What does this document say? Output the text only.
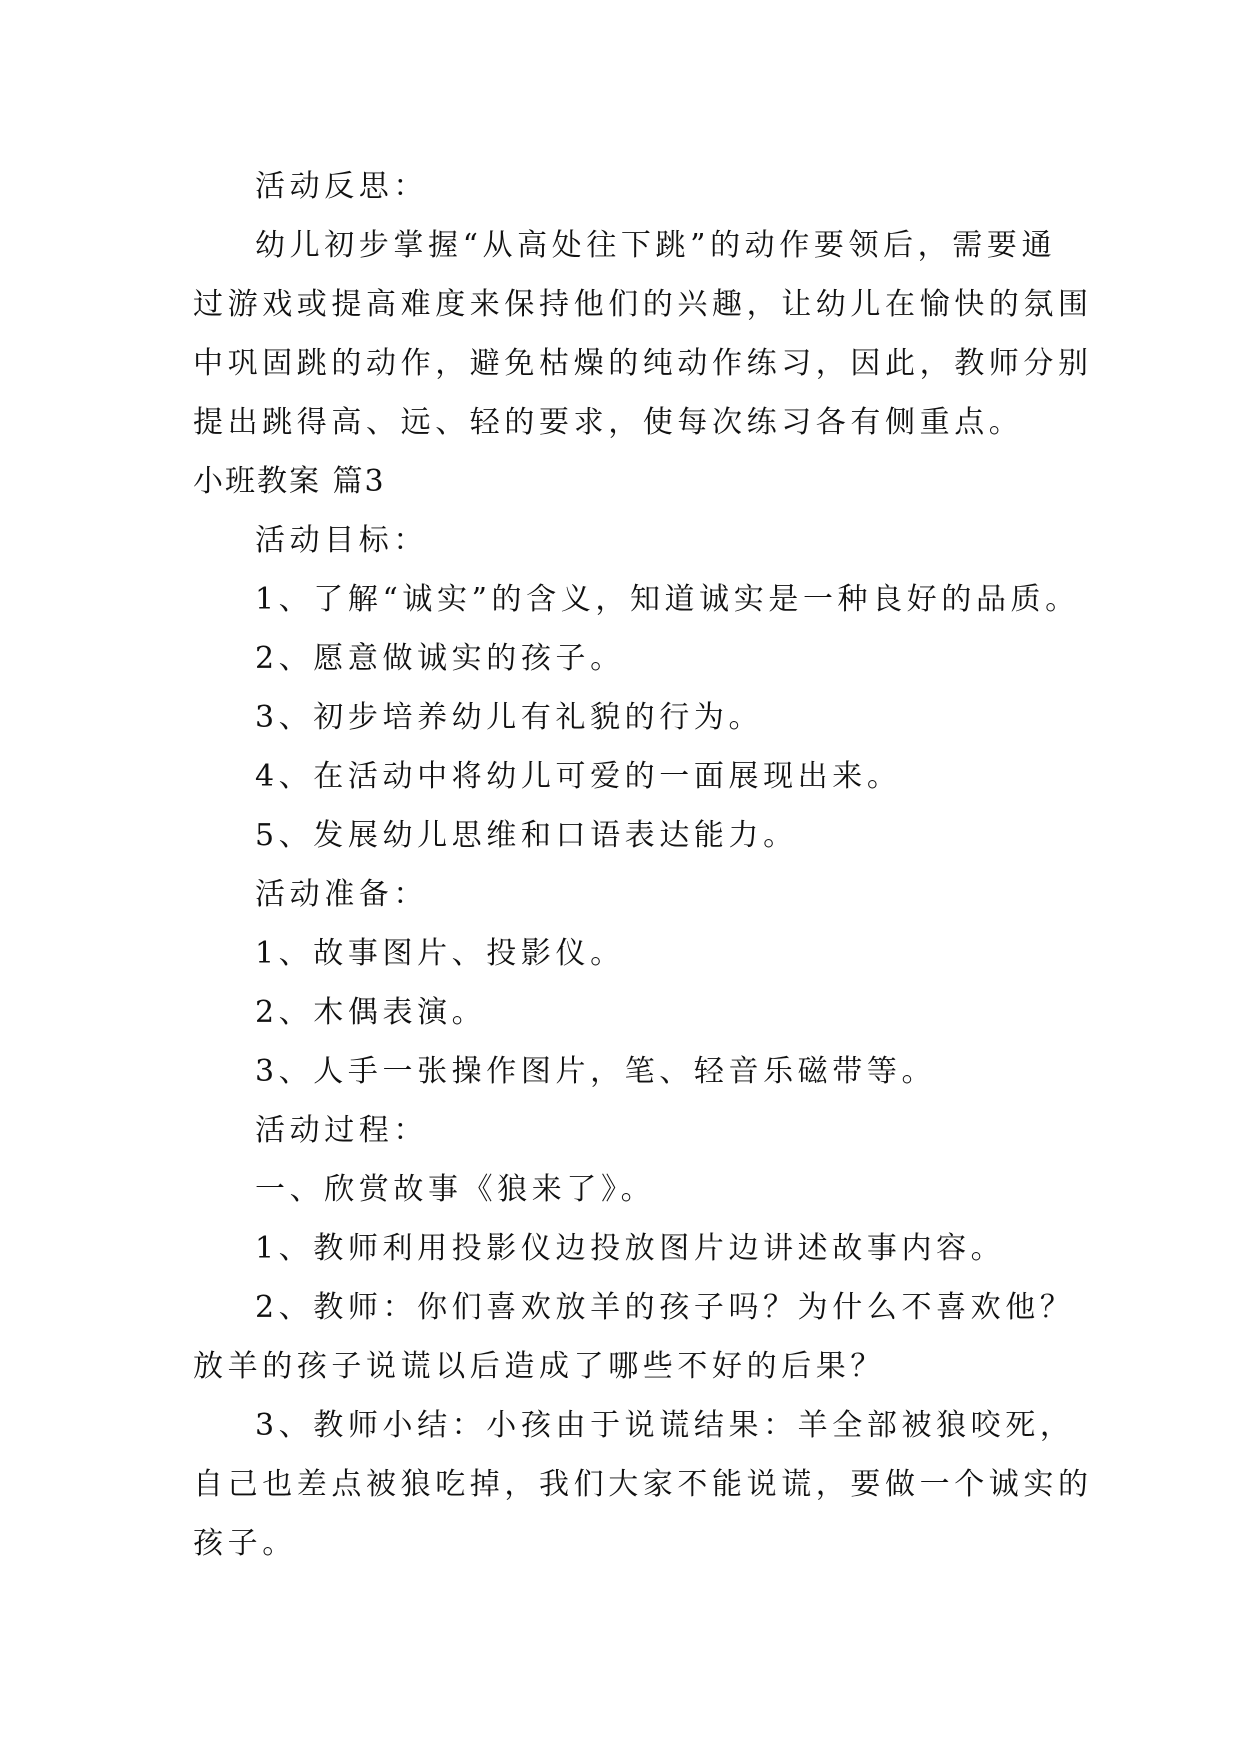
活动反思：
幼儿初步掌握“从高处往下跳”的动作要领后，需要通
过游戏或提高难度来保持他们的兴趣，让幼儿在愉快的氛围
中巩固跳的动作，避免枯燥的纯动作练习，因此，教师分别
提出跳得高、远、轻的要求，使每次练习各有侧重点。
小班教案 篇3
活动目标：
1、了解“诚实”的含义，知道诚实是一种良好的品质。
2、愿意做诚实的孩子。
3、初步培养幼儿有礼貌的行为。
4、在活动中将幼儿可爱的一面展现出来。
5、发展幼儿思维和口语表达能力。
活动准备：
1、故事图片、投影仪。
2、木偶表演。
3、人手一张操作图片，笔、轻音乐磁带等。
活动过程：
一、欣赏故事《狼来了》。
1、教师利用投影仪边投放图片边讲述故事内容。
2、教师：你们喜欢放羊的孩子吗？为什么不喜欢他？
放羊的孩子说谎以后造成了哪些不好的后果？
3、教师小结：小孩由于说谎结果：羊全部被狼咬死，
自己也差点被狼吃掉，我们大家不能说谎，要做一个诚实的
孩子。
